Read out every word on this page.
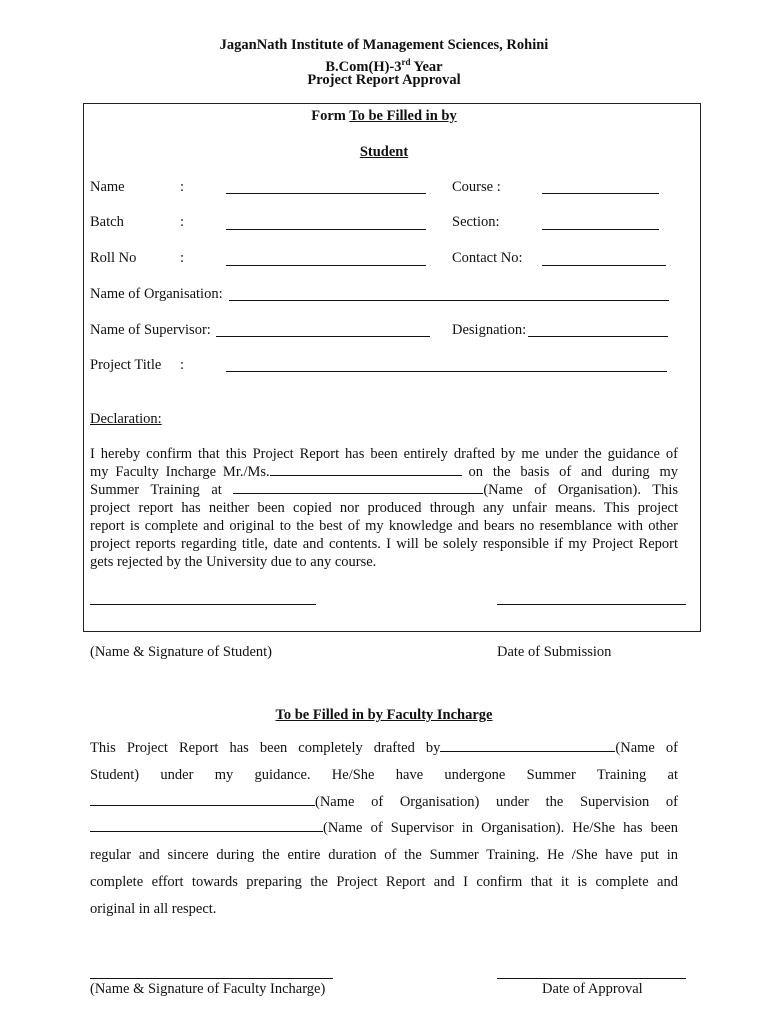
JaganNath Institute of Management Sciences, Rohini
B.Com(H)-3rd Year
Project Report Approval
Form To be Filled in by
Student
Name	:	Course :
Batch	:	Section:
Roll No	:	Contact No:
Name of Organisation:
Name of Supervisor:	Designation:
Project Title :
Declaration:
I hereby confirm that this Project Report has been entirely drafted by me under the guidance of
my Faculty Incharge Mr./Ms.	on the basis of and during my
Summer Training at	(Name of Organisation). This
project report has neither been copied nor produced through any unfair means. This project
report is complete and original to the best of my knowledge and bears no resemblance with other
project reports regarding title, date and contents. I will be solely responsible if my Project Report
gets rejected by the University due to any course.
(Name & Signature of Student)	Date of Submission
To be Filled in by Faculty Incharge
This Project Report has been completely drafted by	(Name of
Student) under my guidance. He/She have undergone Summer Training at
(Name of Organisation) under the Supervision of
(Name of Supervisor in Organisation). He/She has been
regular and sincere during the entire duration of the Summer Training. He /She have put in
complete effort towards preparing the Project Report and I confirm that it is complete and
original in all respect.
(Name & Signature of Faculty Incharge)	Date of Approval
